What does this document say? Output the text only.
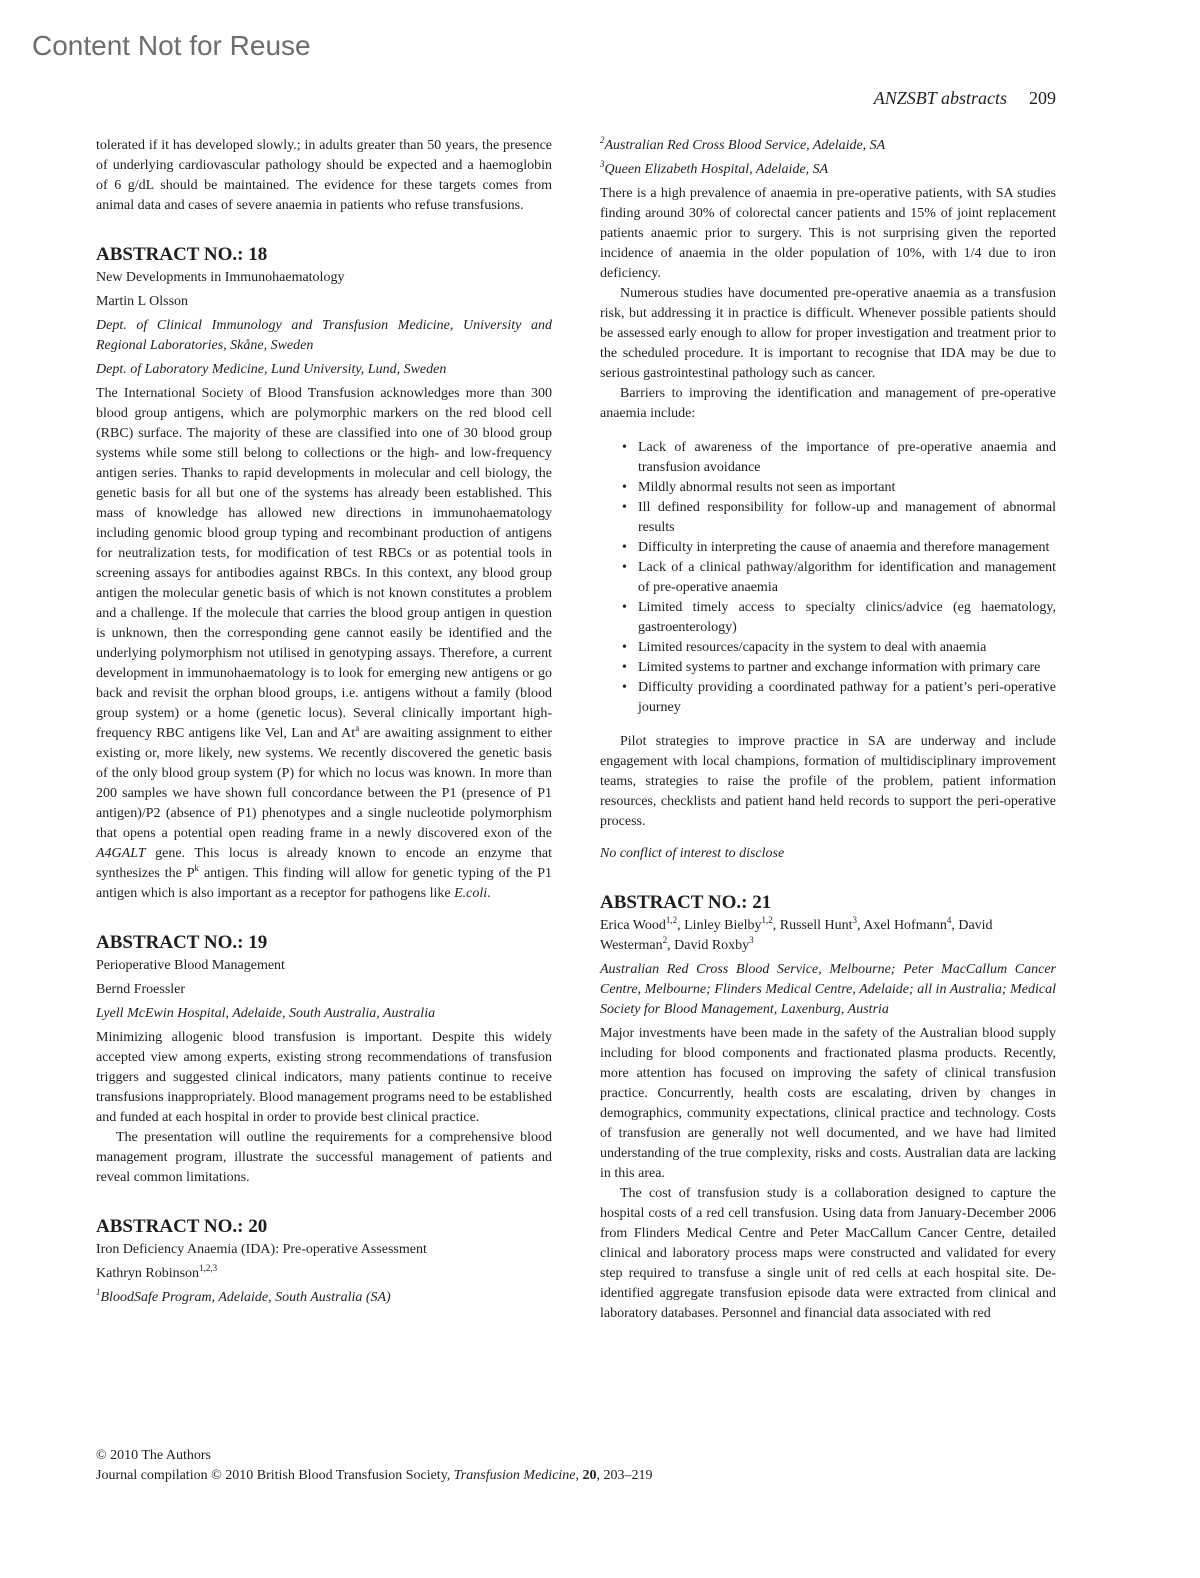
Content Not for Reuse
ANZSBT abstracts 209
tolerated if it has developed slowly.; in adults greater than 50 years, the presence of underlying cardiovascular pathology should be expected and a haemoglobin of 6 g/dL should be maintained. The evidence for these targets comes from animal data and cases of severe anaemia in patients who refuse transfusions.
ABSTRACT NO.: 18
New Developments in Immunohaematology
Martin L Olsson
Dept. of Clinical Immunology and Transfusion Medicine, University and Regional Laboratories, Skåne, Sweden
Dept. of Laboratory Medicine, Lund University, Lund, Sweden
The International Society of Blood Transfusion acknowledges more than 300 blood group antigens, which are polymorphic markers on the red blood cell (RBC) surface. The majority of these are classified into one of 30 blood group systems while some still belong to collections or the high- and low-frequency antigen series. Thanks to rapid developments in molecular and cell biology, the genetic basis for all but one of the systems has already been established. This mass of knowledge has allowed new directions in immunohaematology including genomic blood group typing and recombinant production of antigens for neutralization tests, for modification of test RBCs or as potential tools in screening assays for antibodies against RBCs. In this context, any blood group antigen the molecular genetic basis of which is not known constitutes a problem and a challenge. If the molecule that carries the blood group antigen in question is unknown, then the corresponding gene cannot easily be identified and the underlying polymorphism not utilised in genotyping assays. Therefore, a current development in immunohaematology is to look for emerging new antigens or go back and revisit the orphan blood groups, i.e. antigens without a family (blood group system) or a home (genetic locus). Several clinically important high-frequency RBC antigens like Vel, Lan and At$^a$ are awaiting assignment to either existing or, more likely, new systems. We recently discovered the genetic basis of the only blood group system (P) for which no locus was known. In more than 200 samples we have shown full concordance between the P1 (presence of P1 antigen)/P2 (absence of P1) phenotypes and a single nucleotide polymorphism that opens a potential open reading frame in a newly discovered exon of the A4GALT gene. This locus is already known to encode an enzyme that synthesizes the $P^k$ antigen. This finding will allow for genetic typing of the P1 antigen which is also important as a receptor for pathogens like E.coli.
ABSTRACT NO.: 19
Perioperative Blood Management
Bernd Froessler
Lyell McEwin Hospital, Adelaide, South Australia, Australia
Minimizing allogenic blood transfusion is important. Despite this widely accepted view among experts, existing strong recommendations of transfusion triggers and suggested clinical indicators, many patients continue to receive transfusions inappropriately. Blood management programs need to be established and funded at each hospital in order to provide best clinical practice.
The presentation will outline the requirements for a comprehensive blood management program, illustrate the successful management of patients and reveal common limitations.
ABSTRACT NO.: 20
Iron Deficiency Anaemia (IDA): Pre-operative Assessment
Kathryn Robinson$^{1,2,3}$
$^1$BloodSafe Program, Adelaide, South Australia (SA)
$^2$Australian Red Cross Blood Service, Adelaide, SA
$^3$Queen Elizabeth Hospital, Adelaide, SA
There is a high prevalence of anaemia in pre-operative patients, with SA studies finding around 30% of colorectal cancer patients and 15% of joint replacement patients anaemic prior to surgery. This is not surprising given the reported incidence of anaemia in the older population of 10%, with 1/4 due to iron deficiency.
Numerous studies have documented pre-operative anaemia as a transfusion risk, but addressing it in practice is difficult. Whenever possible patients should be assessed early enough to allow for proper investigation and treatment prior to the scheduled procedure. It is important to recognise that IDA may be due to serious gastrointestinal pathology such as cancer.
Barriers to improving the identification and management of pre-operative anaemia include:
• Lack of awareness of the importance of pre-operative anaemia and transfusion avoidance
• Mildly abnormal results not seen as important
• Ill defined responsibility for follow-up and management of abnormal results
• Difficulty in interpreting the cause of anaemia and therefore management
• Lack of a clinical pathway/algorithm for identification and management of pre-operative anaemia
• Limited timely access to specialty clinics/advice (eg haematology, gastroenterology)
• Limited resources/capacity in the system to deal with anaemia
• Limited systems to partner and exchange information with primary care
• Difficulty providing a coordinated pathway for a patient’s peri-operative journey
Pilot strategies to improve practice in SA are underway and include engagement with local champions, formation of multidisciplinary improvement teams, strategies to raise the profile of the problem, patient information resources, checklists and patient hand held records to support the peri-operative process.
No conflict of interest to disclose
ABSTRACT NO.: 21
Erica Wood$^{1,2}$, Linley Bielby$^{1,2}$, Russell Hunt$^3$, Axel Hofmann$^4$, David Westerman$^2$, David Roxby$^3$
Australian Red Cross Blood Service, Melbourne; Peter MacCallum Cancer Centre, Melbourne; Flinders Medical Centre, Adelaide; all in Australia; Medical Society for Blood Management, Laxenburg, Austria
Major investments have been made in the safety of the Australian blood supply including for blood components and fractionated plasma products. Recently, more attention has focused on improving the safety of clinical transfusion practice. Concurrently, health costs are escalating, driven by changes in demographics, community expectations, clinical practice and technology. Costs of transfusion are generally not well documented, and we have had limited understanding of the true complexity, risks and costs. Australian data are lacking in this area.
The cost of transfusion study is a collaboration designed to capture the hospital costs of a red cell transfusion. Using data from January-December 2006 from Flinders Medical Centre and Peter MacCallum Cancer Centre, detailed clinical and laboratory process maps were constructed and validated for every step required to transfuse a single unit of red cells at each hospital site. De-identified aggregate transfusion episode data were extracted from clinical and laboratory databases. Personnel and financial data associated with red
© 2010 The Authors
Journal compilation © 2010 British Blood Transfusion Society, Transfusion Medicine, 20, 203–219
